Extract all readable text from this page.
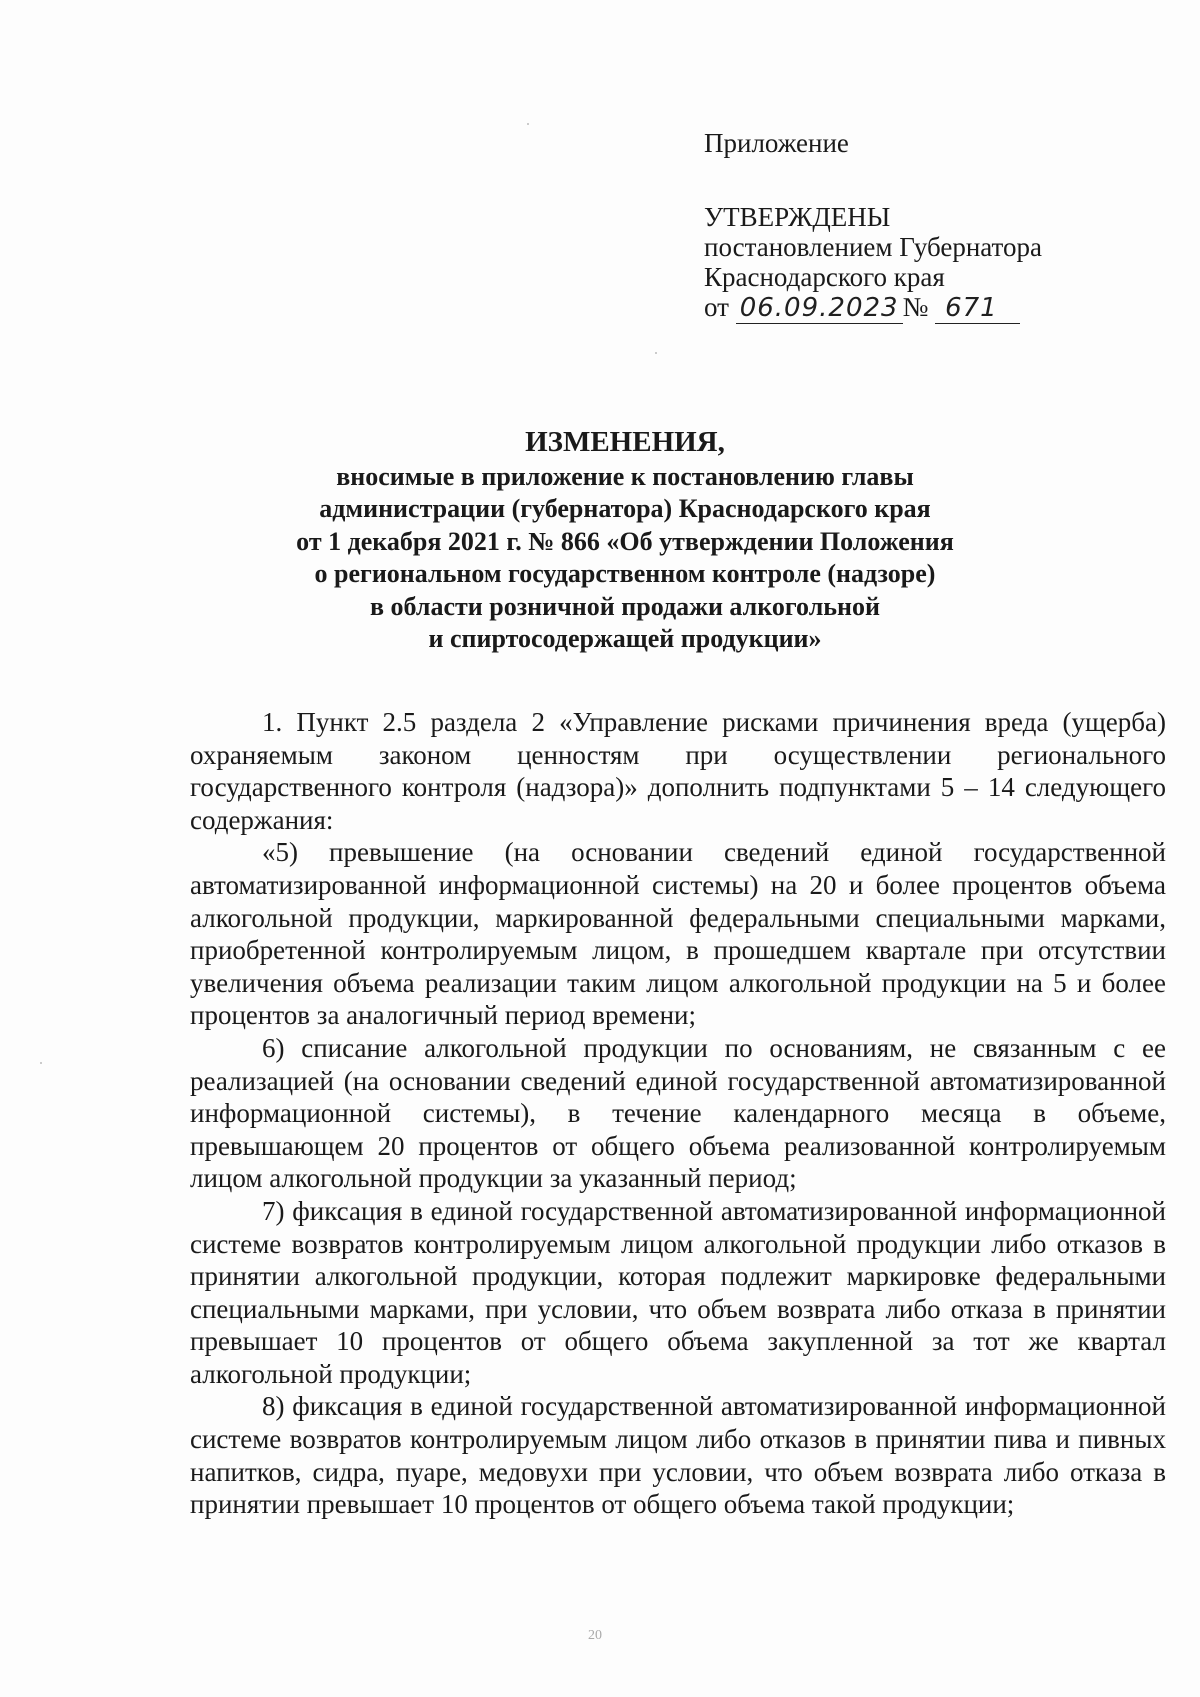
Приложение
УТВЕРЖДЕНЫ
постановлением Губернатора
Краснодарского края
от 06.09.2023 № 671
ИЗМЕНЕНИЯ,
вносимые в приложение к постановлению главы
администрации (губернатора) Краснодарского края
от 1 декабря 2021 г. № 866 «Об утверждении Положения
о региональном государственном контроле (надзоре)
в области розничной продажи алкогольной
и спиртосодержащей продукции»

1. Пункт 2.5 раздела 2 «Управление рисками причинения вреда (ущерба) охраняемым законом ценностям при осуществлении регионального государственного контроля (надзора)» дополнить подпунктами 5 – 14 следующего содержания:

«5) превышение (на основании сведений единой государственной автоматизированной информационной системы) на 20 и более процентов объема алкогольной продукции, маркированной федеральными специальными марками, приобретенной контролируемым лицом, в прошедшем квартале при отсутствии увеличения объема реализации таким лицом алкогольной продукции на 5 и более процентов за аналогичный период времени;

6) списание алкогольной продукции по основаниям, не связанным с ее реализацией (на основании сведений единой государственной автоматизированной информационной системы), в течение календарного месяца в объеме, превышающем 20 процентов от общего объема реализованной контролируемым лицом алкогольной продукции за указанный период;

7) фиксация в единой государственной автоматизированной информационной системе возвратов контролируемым лицом алкогольной продукции либо отказов в принятии алкогольной продукции, которая подлежит маркировке федеральными специальными марками, при условии, что объем возврата либо отказа в принятии превышает 10 процентов от общего объема закупленной за тот же квартал алкогольной продукции;

8) фиксация в единой государственной автоматизированной информационной системе возвратов контролируемым лицом либо отказов в принятии пива и пивных напитков, сидра, пуаре, медовухи при условии, что объем возврата либо отказа в принятии превышает 10 процентов от общего объема такой продукции;

20
